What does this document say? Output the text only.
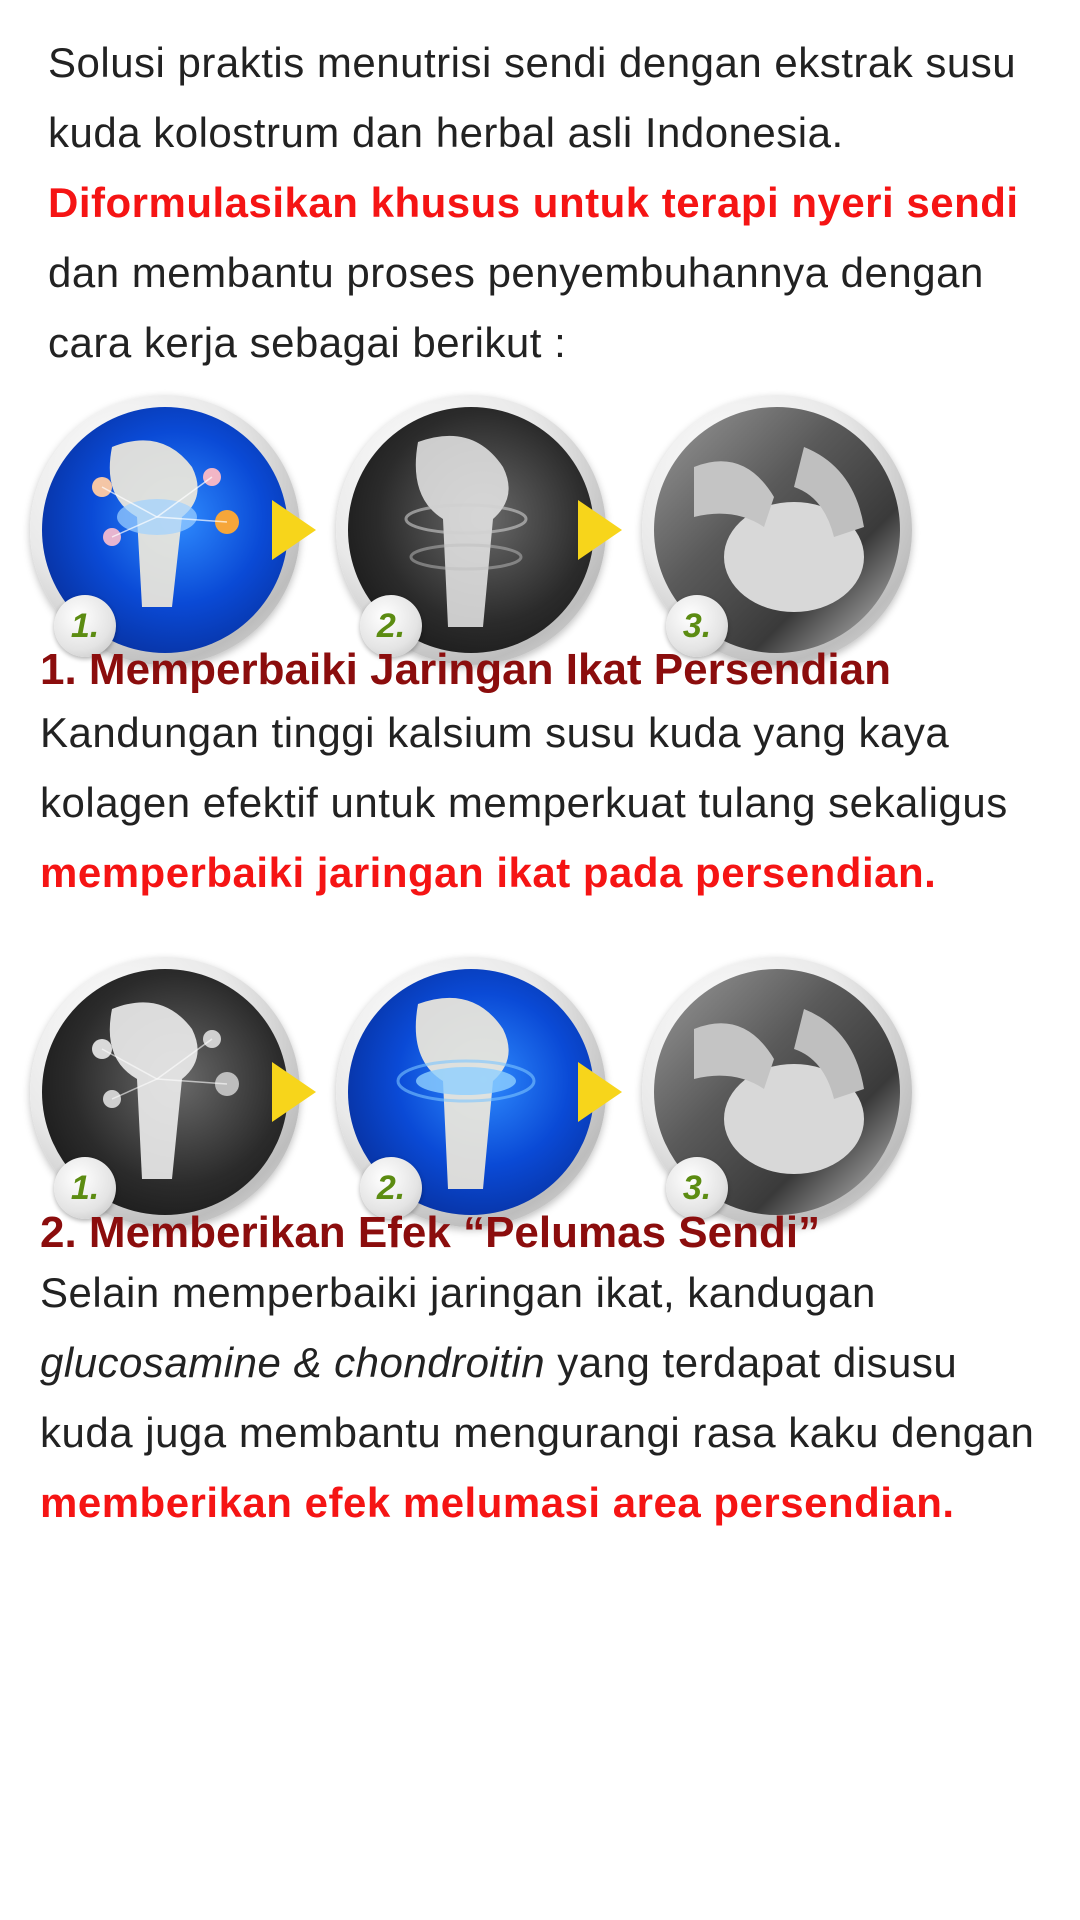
Solusi praktis menutrisi sendi dengan ekstrak susu kuda kolostrum dan herbal asli Indonesia. Diformulasikan khusus untuk terapi nyeri sendi dan membantu proses penyembuhannya dengan cara kerja sebagai berikut :
1.	2.	3.
1. Memperbaiki Jaringan Ikat Persendian
Kandungan tinggi kalsium susu kuda yang kaya kolagen efektif untuk memperkuat tulang sekaligus memperbaiki jaringan ikat pada persendian.
1.	2.	3.
2. Memberikan Efek “Pelumas Sendi”
Selain memperbaiki jaringan ikat, kandugan glucosamine & chondroitin yang terdapat disusu kuda juga membantu mengurangi rasa kaku dengan memberikan efek melumasi area persendian.
